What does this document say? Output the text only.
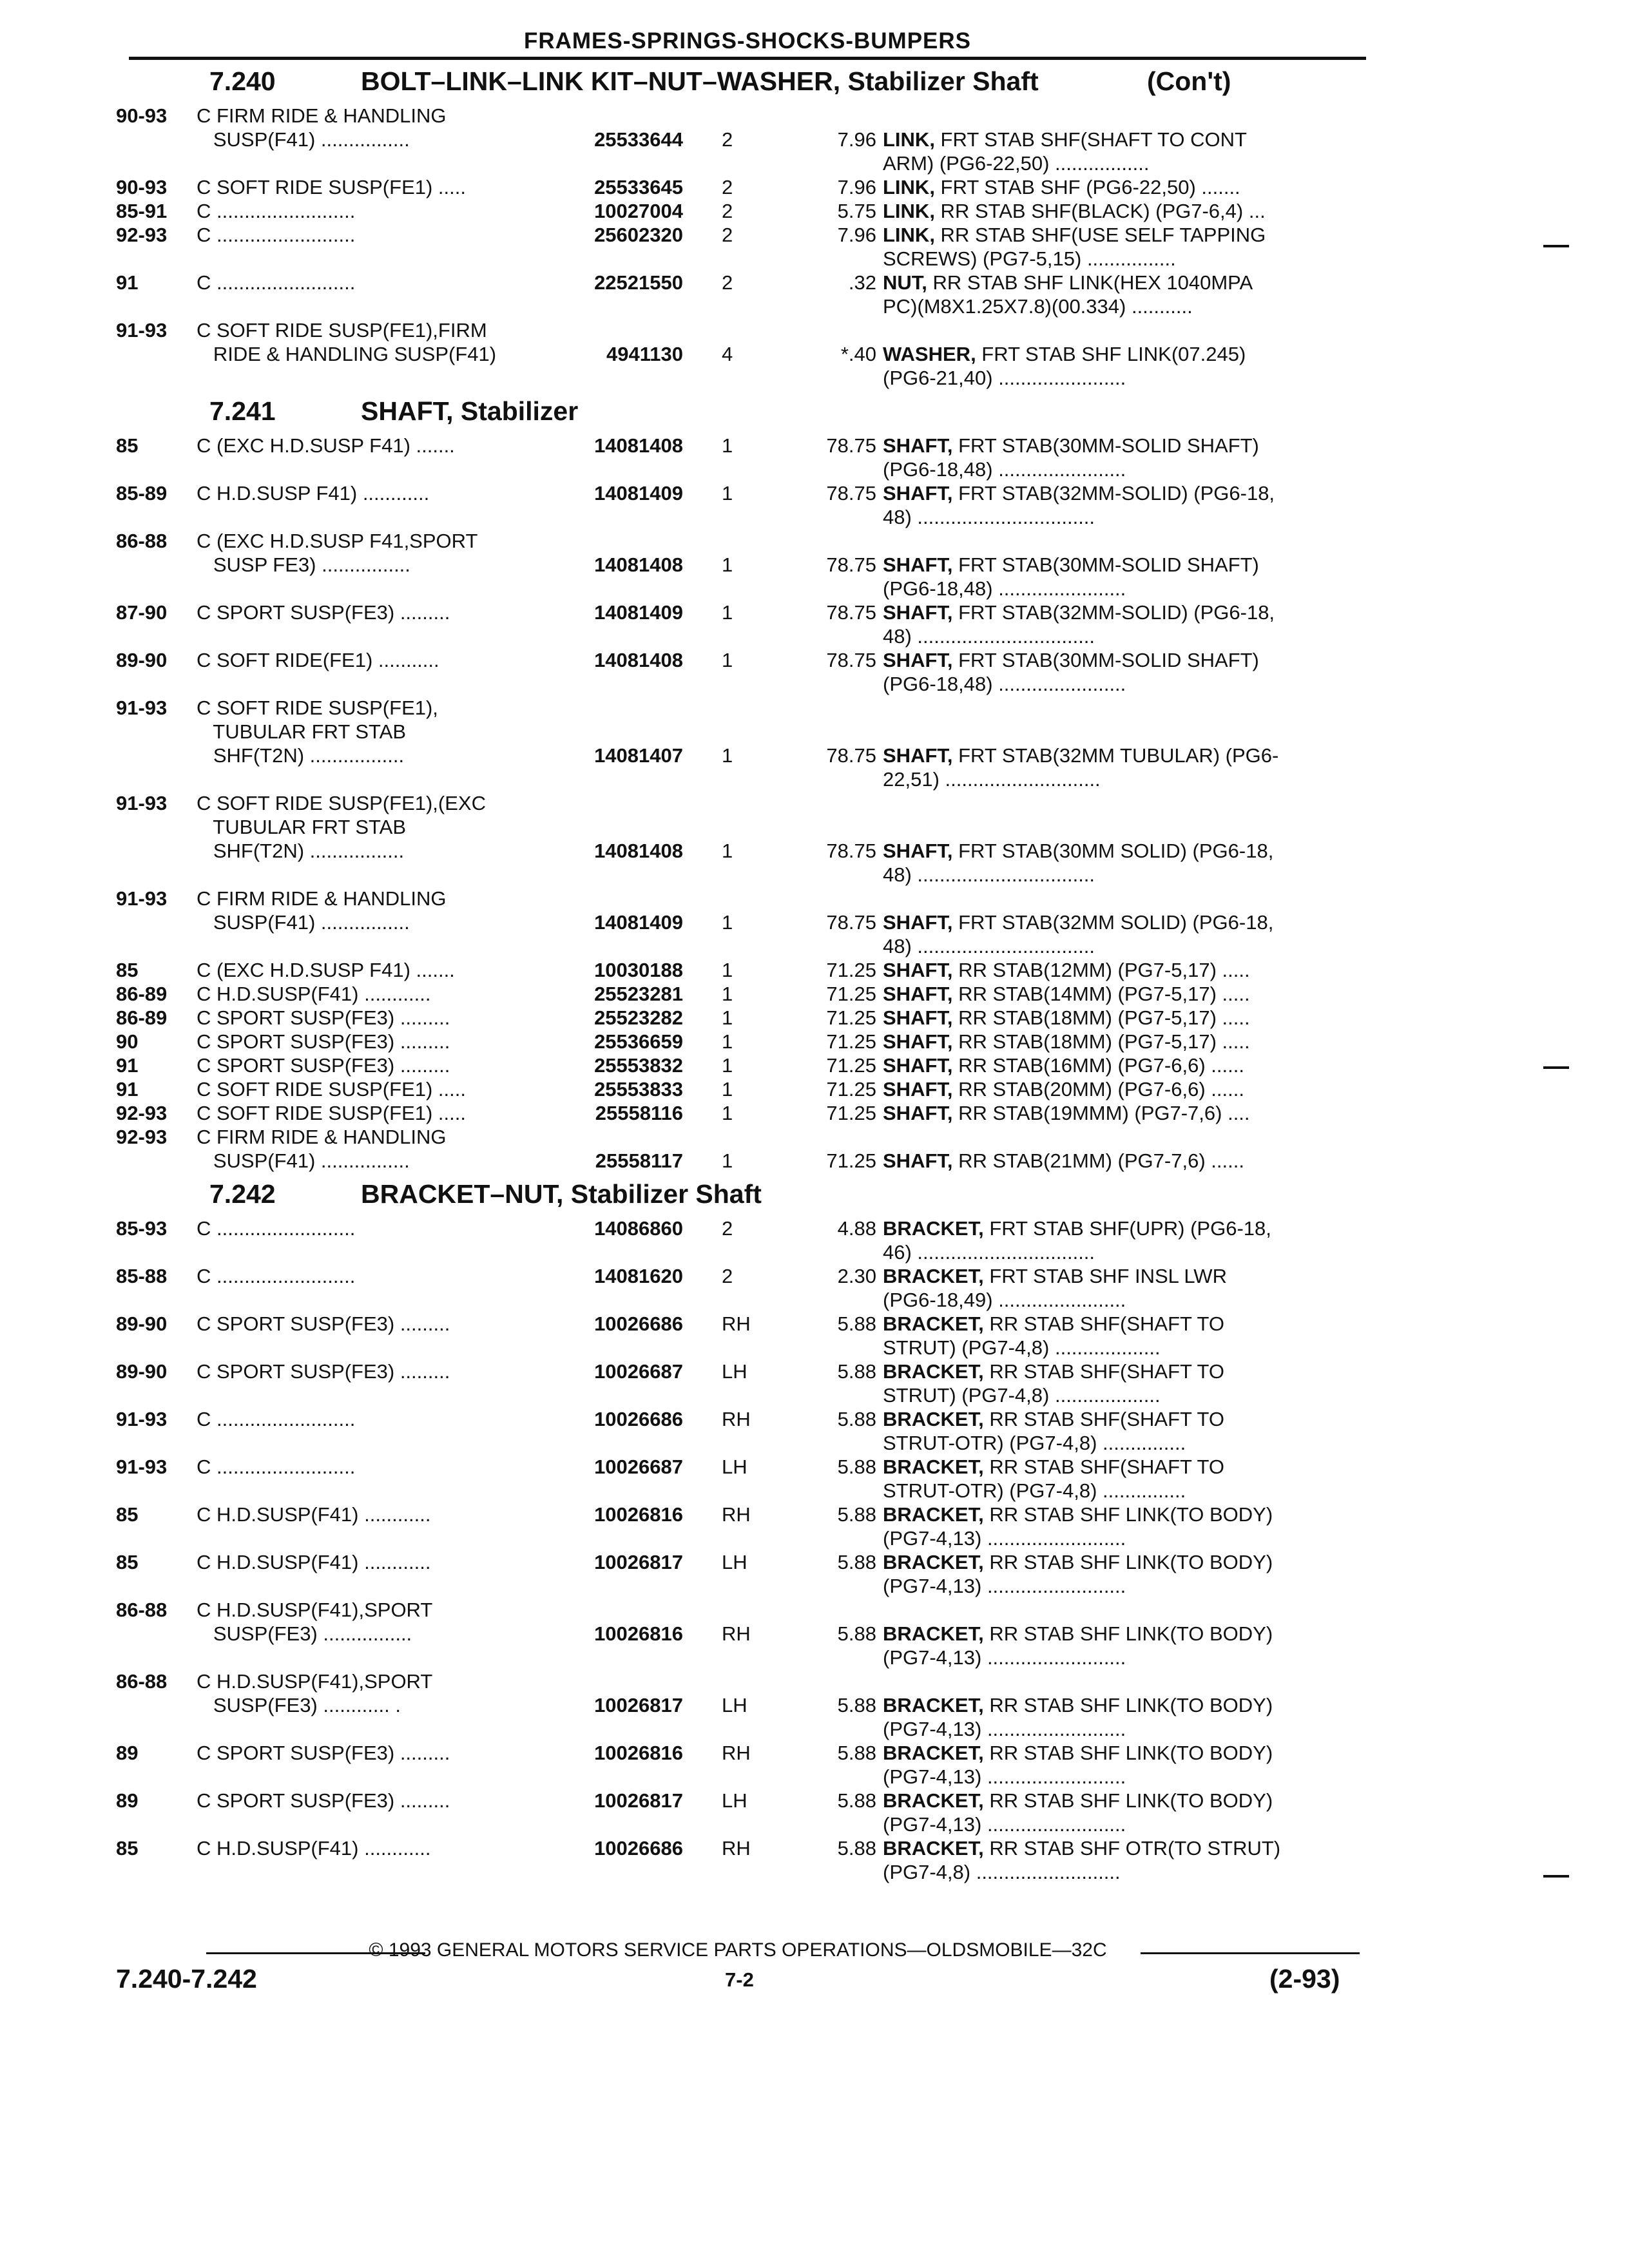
FRAMES-SPRINGS-SHOCKS-BUMPERS
7.240	BOLT–LINK–LINK KIT–NUT–WASHER, Stabilizer Shaft	(Con't)
90-93 C FIRM RIDE & HANDLING
SUSP(F41) ................	25533644 2	7.96 LINK, FRT STAB SHF(SHAFT TO CONT
ARM) (PG6-22,50) .................
90-93 C SOFT RIDE SUSP(FE1) .....	25533645 2	7.96 LINK, FRT STAB SHF (PG6-22,50) .......
85-91 C .........................	10027004 2	5.75 LINK, RR STAB SHF(BLACK) (PG7-6,4) ...
92-93 C .........................	25602320 2	7.96 LINK, RR STAB SHF(USE SELF TAPPING
SCREWS) (PG7-5,15) ................
91	C .........................	22521550 2	.32 NUT, RR STAB SHF LINK(HEX 1040MPA
PC)(M8X1.25X7.8)(00.334) ...........
91-93 C SOFT RIDE SUSP(FE1),FIRM
RIDE & HANDLING SUSP(F41)	4941130 4	*.40 WASHER, FRT STAB SHF LINK(07.245)
(PG6-21,40) .......................
7.241	SHAFT, Stabilizer
85	C (EXC H.D.SUSP F41) .......	14081408 1	78.75 SHAFT, FRT STAB(30MM-SOLID SHAFT)
(PG6-18,48) .......................
85-89 C H.D.SUSP F41) ............	14081409 1	78.75 SHAFT, FRT STAB(32MM-SOLID) (PG6-18,
48) ................................
86-88 C (EXC H.D.SUSP F41,SPORT
SUSP FE3) ................	14081408 1	78.75 SHAFT, FRT STAB(30MM-SOLID SHAFT)
(PG6-18,48) .......................
87-90 C SPORT SUSP(FE3) .........	14081409 1	78.75 SHAFT, FRT STAB(32MM-SOLID) (PG6-18,
48) ................................
89-90 C SOFT RIDE(FE1) ...........	14081408 1	78.75 SHAFT, FRT STAB(30MM-SOLID SHAFT)
(PG6-18,48) .......................
91-93 C SOFT RIDE SUSP(FE1),
TUBULAR FRT STAB
SHF(T2N) .................	14081407 1	78.75 SHAFT, FRT STAB(32MM TUBULAR) (PG6-
22,51) ............................
91-93 C SOFT RIDE SUSP(FE1),(EXC
TUBULAR FRT STAB
SHF(T2N) .................	14081408 1	78.75 SHAFT, FRT STAB(30MM SOLID) (PG6-18,
48) ................................
91-93 C FIRM RIDE & HANDLING
SUSP(F41) ................	14081409 1	78.75 SHAFT, FRT STAB(32MM SOLID) (PG6-18,
48) ................................
85	C (EXC H.D.SUSP F41) .......	10030188 1	71.25 SHAFT, RR STAB(12MM) (PG7-5,17) .....
86-89 C H.D.SUSP(F41) ............	25523281 1	71.25 SHAFT, RR STAB(14MM) (PG7-5,17) .....
86-89 C SPORT SUSP(FE3) .........	25523282 1	71.25 SHAFT, RR STAB(18MM) (PG7-5,17) .....
90	C SPORT SUSP(FE3) .........	25536659 1	71.25 SHAFT, RR STAB(18MM) (PG7-5,17) .....
91	C SPORT SUSP(FE3) .........	25553832 1	71.25 SHAFT, RR STAB(16MM) (PG7-6,6) ......
91	C SOFT RIDE SUSP(FE1) .....	25553833 1	71.25 SHAFT, RR STAB(20MM) (PG7-6,6) ......
92-93 C SOFT RIDE SUSP(FE1) .....	25558116 1	71.25 SHAFT, RR STAB(19MMM) (PG7-7,6) ....
92-93 C FIRM RIDE & HANDLING
SUSP(F41) ................	25558117 1	71.25 SHAFT, RR STAB(21MM) (PG7-7,6) ......
7.242	BRACKET–NUT, Stabilizer Shaft
85-93 C .........................	14086860 2	4.88 BRACKET, FRT STAB SHF(UPR) (PG6-18,
46) ................................
85-88 C .........................	14081620 2	2.30 BRACKET, FRT STAB SHF INSL LWR
(PG6-18,49) .......................
89-90 C SPORT SUSP(FE3) .........	10026686 RH	5.88 BRACKET, RR STAB SHF(SHAFT TO
STRUT) (PG7-4,8) ...................
89-90 C SPORT SUSP(FE3) .........	10026687 LH	5.88 BRACKET, RR STAB SHF(SHAFT TO
STRUT) (PG7-4,8) ...................
91-93 C .........................	10026686 RH	5.88 BRACKET, RR STAB SHF(SHAFT TO
STRUT-OTR) (PG7-4,8) ...............
91-93 C .........................	10026687 LH	5.88 BRACKET, RR STAB SHF(SHAFT TO
STRUT-OTR) (PG7-4,8) ...............
85	C H.D.SUSP(F41) ............	10026816 RH	5.88 BRACKET, RR STAB SHF LINK(TO BODY)
(PG7-4,13) .........................
85	C H.D.SUSP(F41) ............	10026817 LH	5.88 BRACKET, RR STAB SHF LINK(TO BODY)
(PG7-4,13) .........................
86-88 C H.D.SUSP(F41),SPORT
SUSP(FE3) ................	10026816 RH	5.88 BRACKET, RR STAB SHF LINK(TO BODY)
(PG7-4,13) .........................
86-88 C H.D.SUSP(F41),SPORT
SUSP(FE3) ............ .	10026817 LH	5.88 BRACKET, RR STAB SHF LINK(TO BODY)
(PG7-4,13) .........................
89	C SPORT SUSP(FE3) .........	10026816 RH	5.88 BRACKET, RR STAB SHF LINK(TO BODY)
(PG7-4,13) .........................
89	C SPORT SUSP(FE3) .........	10026817 LH	5.88 BRACKET, RR STAB SHF LINK(TO BODY)
(PG7-4,13) .........................
85	C H.D.SUSP(F41) ............	10026686 RH	5.88 BRACKET, RR STAB SHF OTR(TO STRUT)
(PG7-4,8) ..........................
© 1993 GENERAL MOTORS SERVICE PARTS OPERATIONS—OLDSMOBILE—32C
7.240-7.242	7-2	(2-93)
